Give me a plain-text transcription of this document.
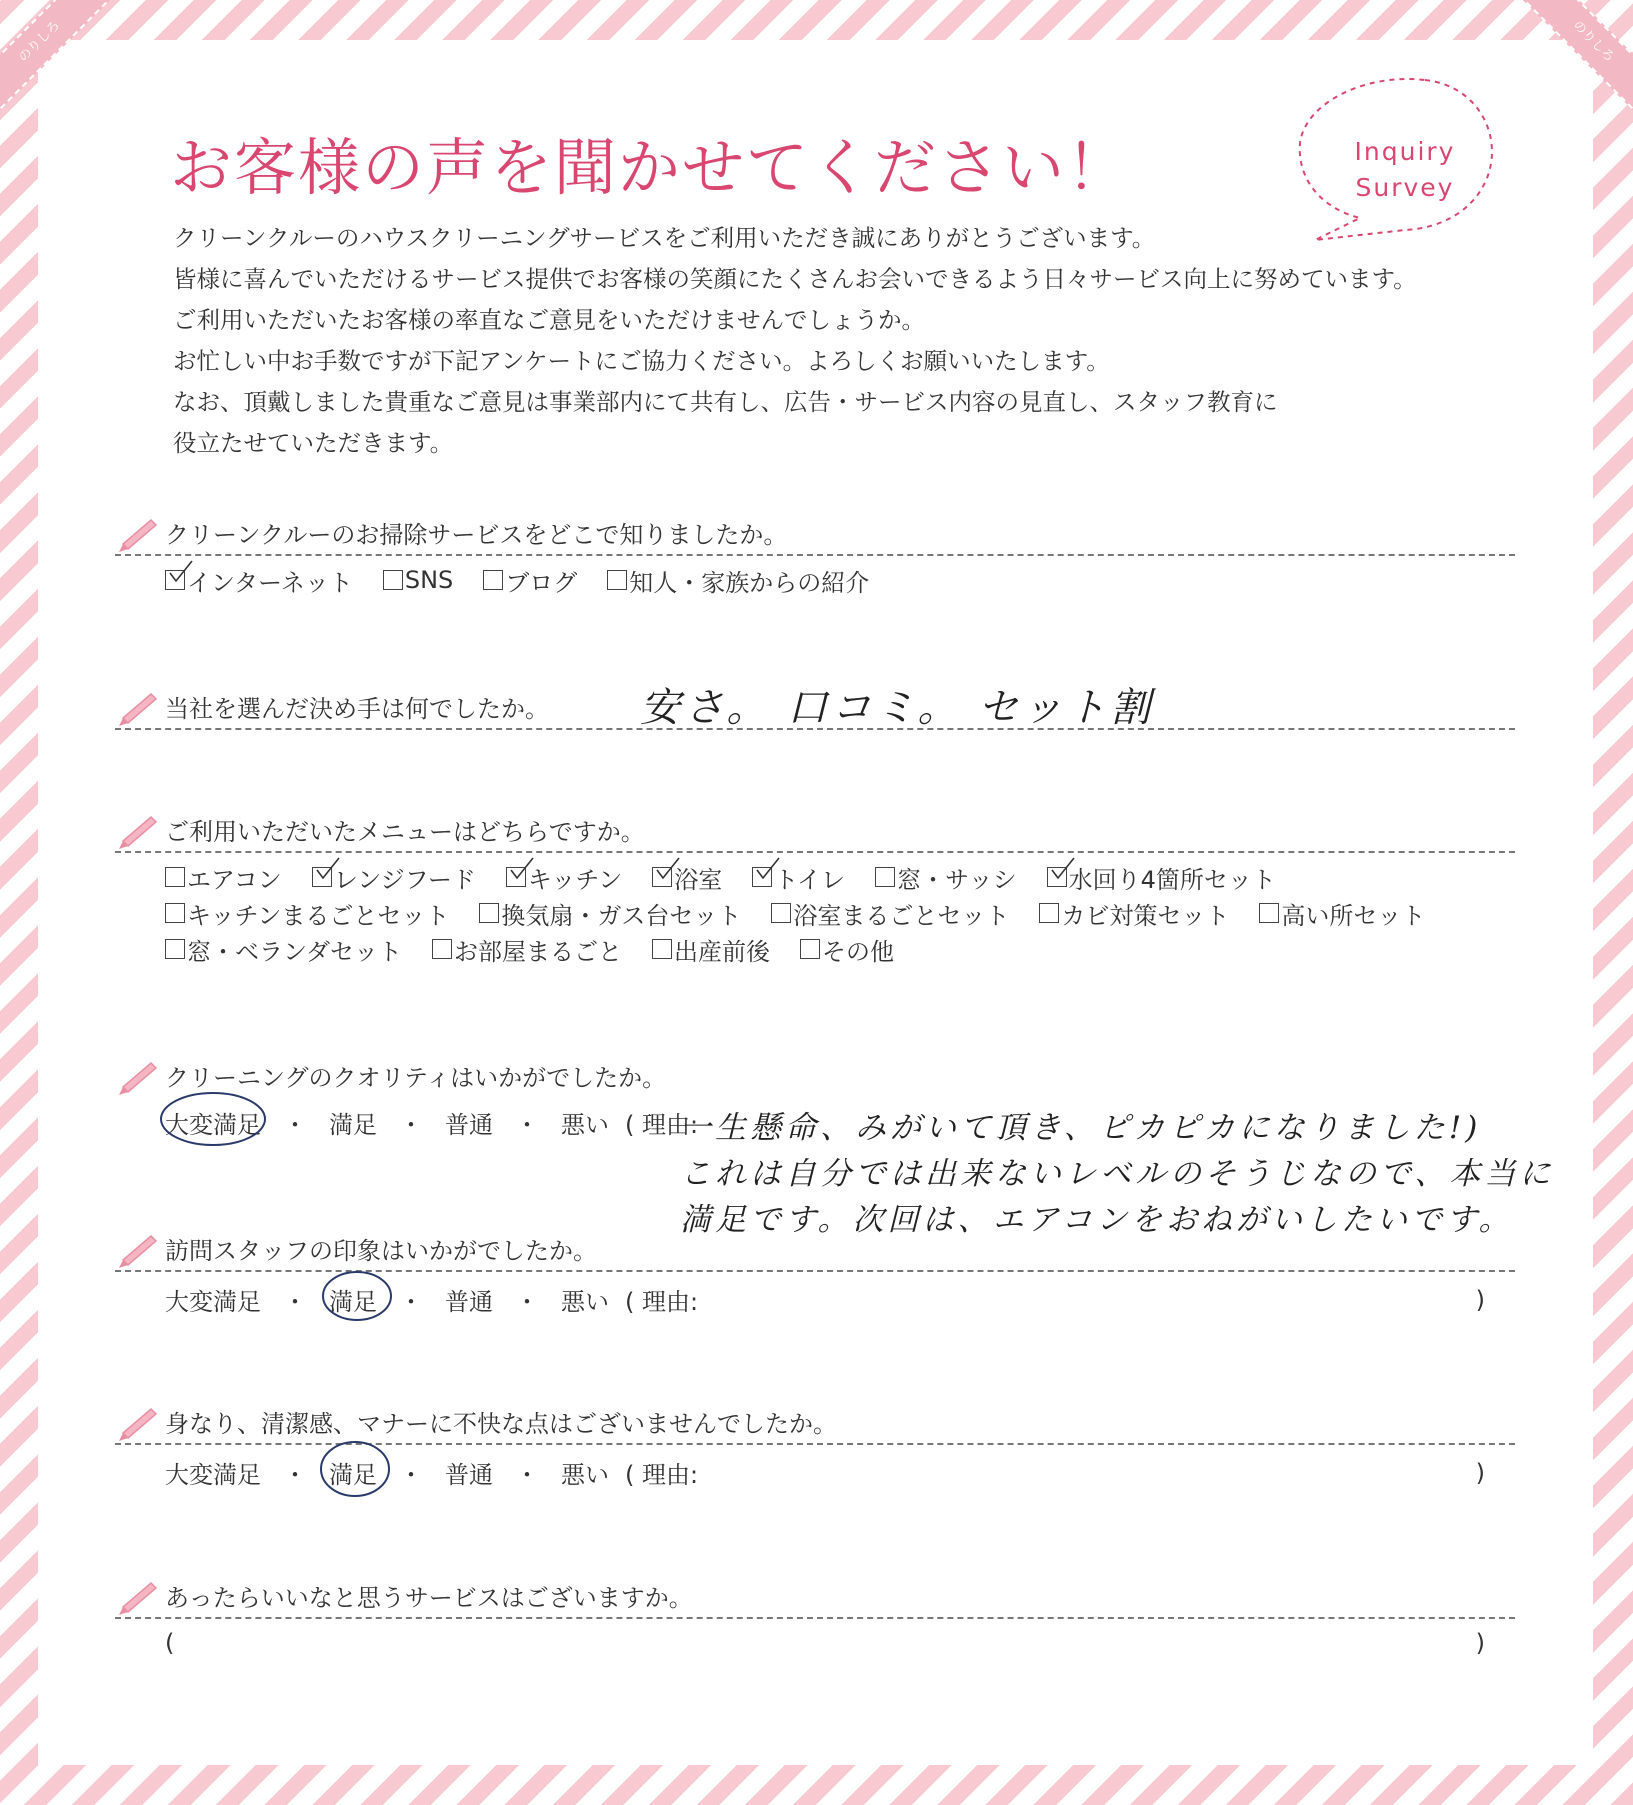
のりしろ	のりしろ
お客様の声を聞かせてください！	Inquiry
Survey

クリーンクルーのハウスクリーニングサービスをご利用いただき誠にありがとうございます。

皆様に喜んでいただけるサービス提供でお客様の笑顔にたくさんお会いできるよう日々サービス向上に努めています。

ご利用いただいたお客様の率直なご意見をいただけませんでしょうか。

お忙しい中お手数ですが下記アンケートにご協力ください。よろしくお願いいたします。

なお、頂戴しました貴重なご意見は事業部内にて共有し、広告・サービス内容の見直し、スタッフ教育に

役立たせていただきます。

クリーンクルーのお掃除サービスをどこで知りましたか。
インターネット SNS ブログ 知人・家族からの紹介
当社を選んだ決め手は何でしたか。 安さ。 口コミ。 セット割
ご利用いただいたメニューはどちらですか。
エアコン レンジフード キッチン 浴室 トイレ 窓・サッシ 水回り4箇所セット
キッチンまるごとセット 換気扇・ガス台セット 浴室まるごとセット カビ対策セット 高い所セット
窓・ベランダセット お部屋まるごと 出産前後 その他
クリーニングのクオリティはいかがでしたか。
大変満足 ・ 満足 ・ 普通 ・ 悪い ( 理由:
一生懸命、みがいて頂き、ピカピカになりました!)
これは自分では出来ないレベルのそうじなので、本当に
満足です。次回は、エアコンをおねがいしたいです。
訪問スタッフの印象はいかがでしたか。
大変満足 ・ 満足 ・ 普通 ・ 悪い ( 理由:	)
身なり、清潔感、マナーに不快な点はございませんでしたか。
大変満足 ・ 満足 ・ 普通 ・ 悪い ( 理由:	)
あったらいいなと思うサービスはございますか。
(	)
